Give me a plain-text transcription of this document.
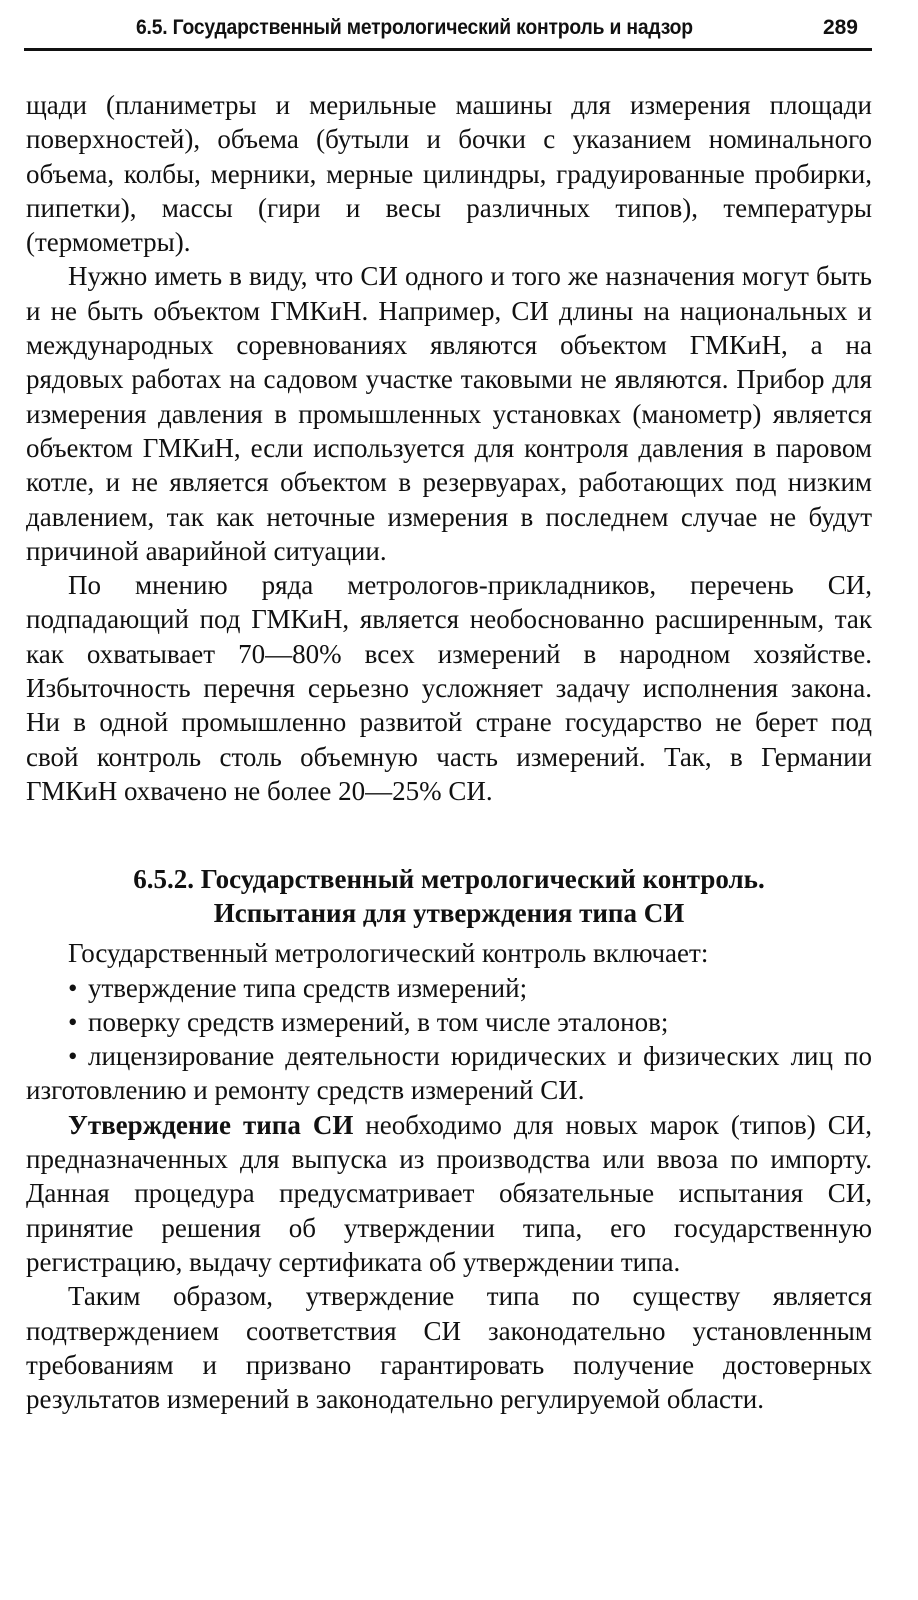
6.5. Государственный метрологический контроль и надзор	289

щади (планиметры и мерильные машины для измерения площади поверхностей), объема (бутыли и бочки с указанием номинального объема, колбы, мерники, мерные цилиндры, градуированные пробирки, пипетки), массы (гири и весы различных типов), температуры (термометры).

Нужно иметь в виду, что СИ одного и того же назначения могут быть и не быть объектом ГМКиН. Например, СИ длины на национальных и международных соревнованиях являются объектом ГМКиН, а на рядовых работах на садовом участке таковыми не являются. Прибор для измерения давления в промышленных установках (манометр) является объектом ГМКиН, если используется для контроля давления в паровом котле, и не является объектом в резервуарах, работающих под низким давлением, так как неточные измерения в последнем случае не будут причиной аварийной ситуации.

По мнению ряда метрологов-прикладников, перечень СИ, подпадающий под ГМКиН, является необоснованно расширенным, так как охватывает 70—80% всех измерений в народном хозяйстве. Избыточность перечня серьезно усложняет задачу исполнения закона. Ни в одной промышленно развитой стране государство не берет под свой контроль столь объемную часть измерений. Так, в Германии ГМКиН охвачено не более 20—25% СИ.

6.5.2. Государственный метрологический контроль.
Испытания для утверждения типа СИ

Государственный метрологический контроль включает:

• утверждение типа средств измерений;

• поверку средств измерений, в том числе эталонов;

• лицензирование деятельности юридических и физических лиц по изготовлению и ремонту средств измерений СИ.

Утверждение типа СИ необходимо для новых марок (типов) СИ, предназначенных для выпуска из производства или ввоза по импорту. Данная процедура предусматривает обязательные испытания СИ, принятие решения об утверждении типа, его государственную регистрацию, выдачу сертификата об утверждении типа.

Таким образом, утверждение типа по существу является подтверждением соответствия СИ законодательно установленным требованиям и призвано гарантировать получение достоверных результатов измерений в законодательно регулируемой области.
